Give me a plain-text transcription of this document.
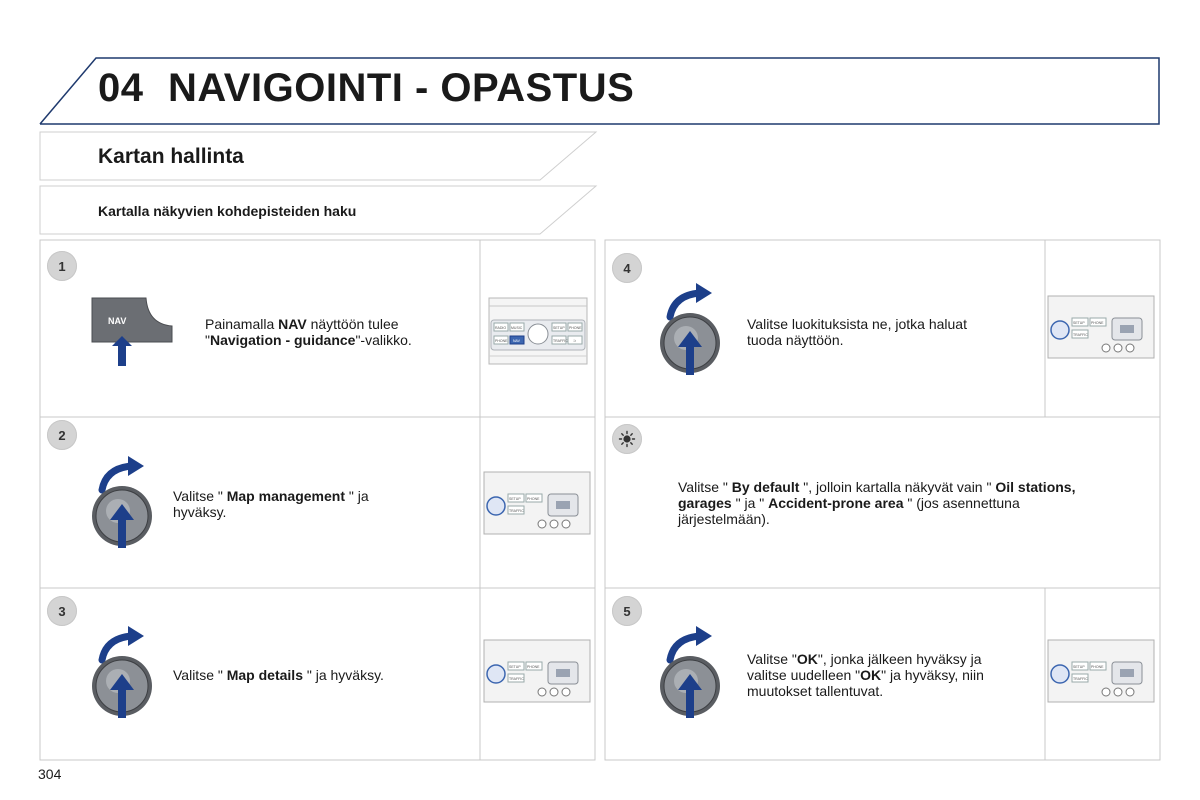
04 NAVIGOINTI - OPASTUS
Kartan hallinta
Kartalla näkyvien kohdepisteiden haku
1
NAV	Painamalla NAV näyttöön tulee
"Navigation - guidance"-valikko.
RADIO MUSIC
PHONE NAV
SETUP PHONE
TRAFFIC ⊃
2
Valitse " Map management " ja
hyväksy.
SETUP PHONE
TRAFFIC
3
Valitse " Map details " ja hyväksy.	SETUP PHONE
TRAFFIC
4
Valitse luokituksista ne, jotka haluat
tuoda näyttöön.
SETUP PHONE
TRAFFIC
Valitse " By default ", jolloin kartalla näkyvät vain " Oil stations,
garages " ja " Accident-prone area " (jos asennettuna
järjestelmään).
5
Valitse "OK", jonka jälkeen hyväksy ja
valitse uudelleen "OK" ja hyväksy, niin
muutokset tallentuvat.
SETUP PHONE
TRAFFIC
304
